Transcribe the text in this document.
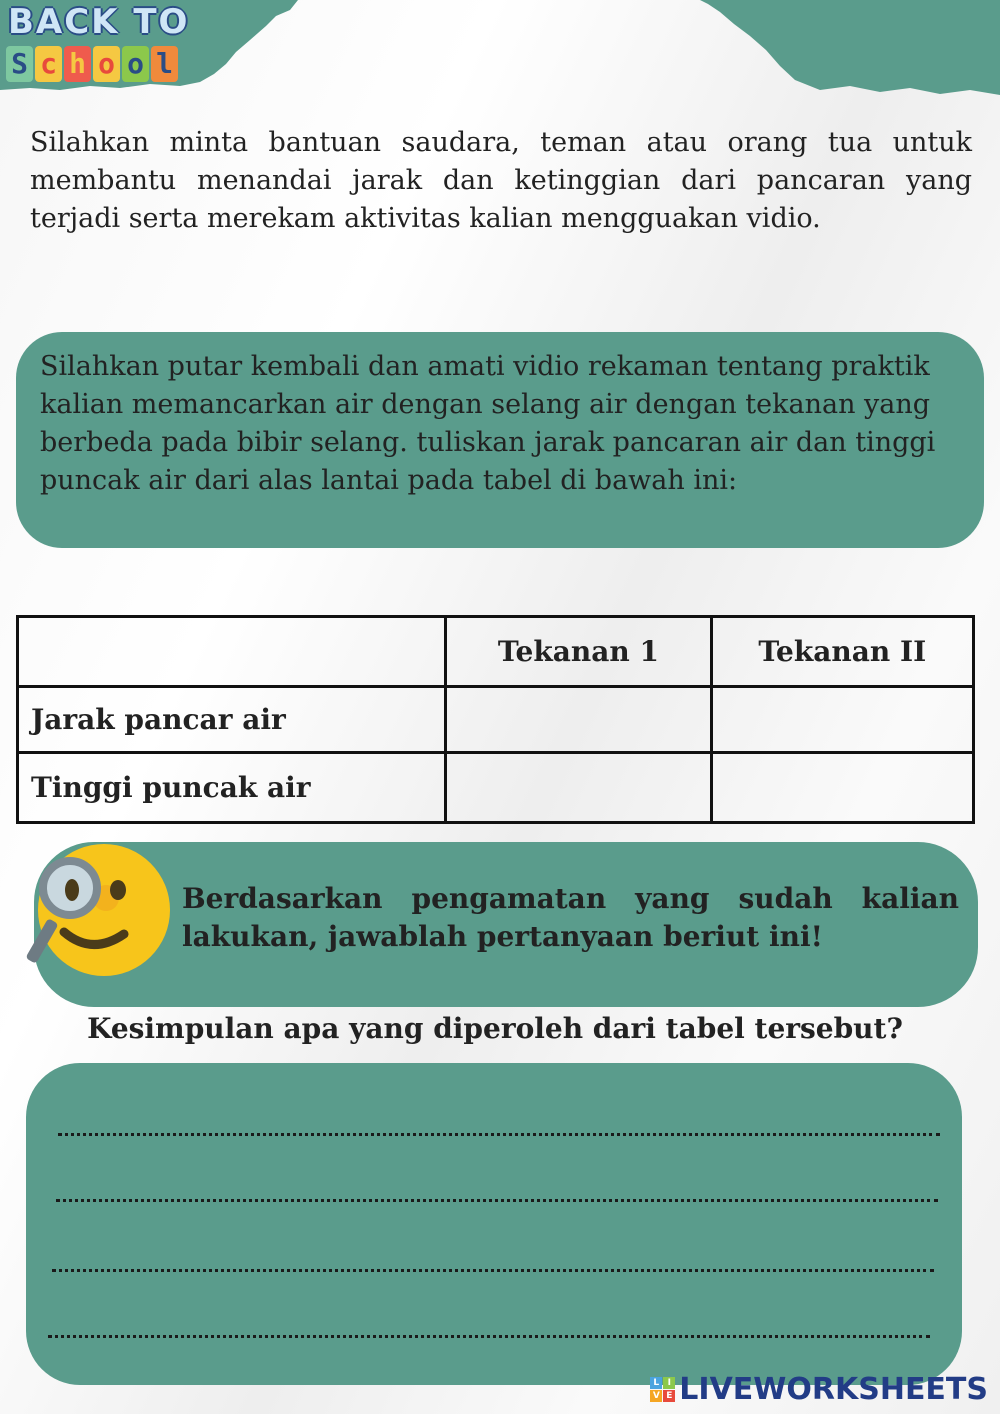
BACK TO
S c h o o l
Silahkan minta bantuan saudara, teman atau orang tua untuk membantu menandai jarak dan ketinggian dari pancaran yang terjadi serta merekam aktivitas kalian mengguakan vidio.
Silahkan putar kembali dan amati vidio rekaman tentang praktik kalian memancarkan air dengan selang air dengan tekanan yang berbeda pada bibir selang. tuliskan jarak pancaran air dan tinggi puncak air dari alas lantai pada tabel di bawah ini:
	Tekanan 1	Tekanan II
Jarak pancar air		
Tinggi puncak air		
Berdasarkan pengamatan yang sudah kalian lakukan, jawablah pertanyaan beriut ini!
Kesimpulan apa yang diperoleh dari tabel tersebut?
L I
V E LIVEWORKSHEETS
